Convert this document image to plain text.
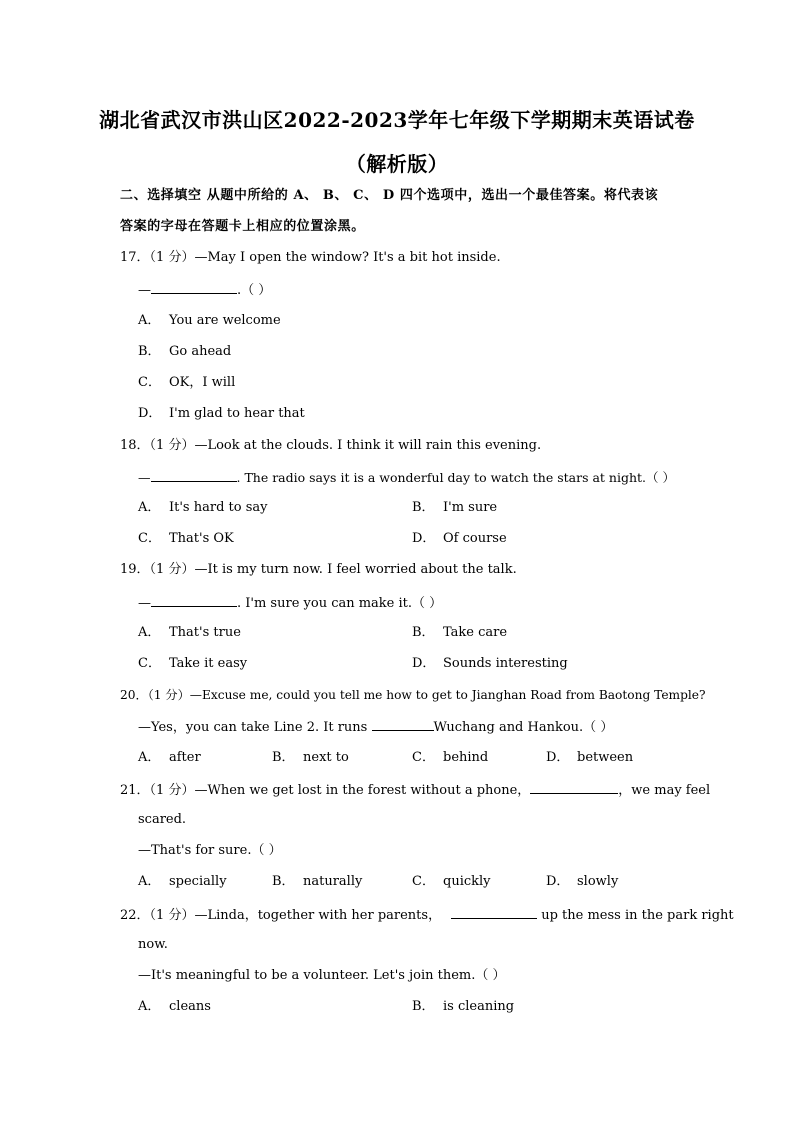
湖北省武汉市洪山区2022-2023学年七年级下学期期末英语试卷
（解析版）
二、选择填空 从题中所给的 A、 B、 C、 D 四个选项中，选出一个最佳答案。将代表该
答案的字母在答题卡上相应的位置涂黑。
17．（1 分）—May I open the window? It's a bit hot inside.
—	.（ ）
A． You are welcome
B． Go ahead
C． OK，I will
D． I'm glad to hear that
18．（1 分）—Look at the clouds. I think it will rain this evening.
—	. The radio says it is a wonderful day to watch the stars at night.（ ）
A． It's hard to say	B． I'm sure
C． That's OK	D． Of course
19．（1 分）—It is my turn now. I feel worried about the talk.
—	. I'm sure you can make it.（ ）
A． That's true	B． Take care
C． Take it easy	D． Sounds interesting
20．（1 分）—Excuse me, could you tell me how to get to Jianghan Road from Baotong Temple?
—Yes，you can take Line 2. It runs	Wuchang and Hankou.（ ）
A． after	B． next to	C． behind	D． between
21．（1 分）—When we get lost in the forest without a phone，	，we may feel
scared.
—That's for sure.（ ）
A． specially	B． naturally	C． quickly	D． slowly
22．（1 分）—Linda，together with her parents，	up the mess in the park right
now.
—It's meaningful to be a volunteer. Let's join them.（ ）
A． cleans	B． is cleaning
